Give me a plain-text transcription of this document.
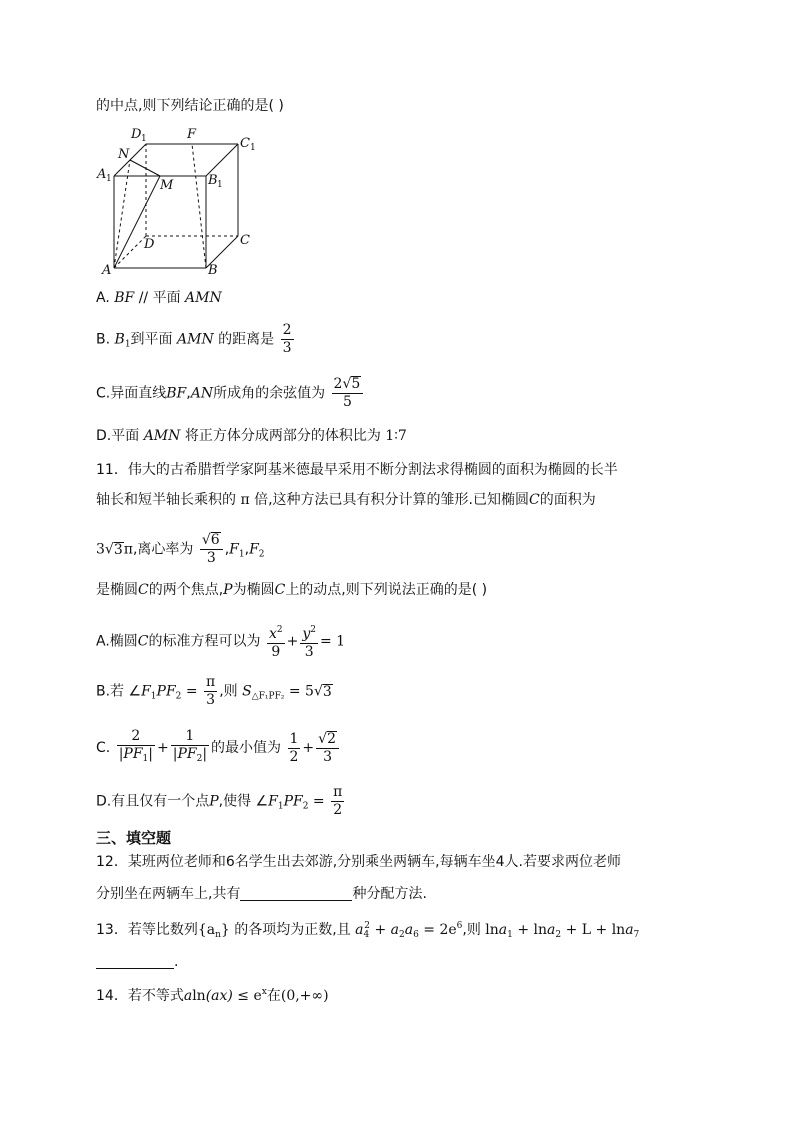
的中点,则下列结论正确的是( )
D 1	F
C 1
N
A 1	M	B 1
D	C
A	B
A. BF // 平面 AMN
B. $B_1$到平面 AMN 的距离是 $\frac{2}{3}$
C.异面直线BF,AN所成角的余弦值为 $\frac{2√5}{5}$
D.平面 AMN 将正方体分成两部分的体积比为 1∶7
11．伟大的古希腊哲学家阿基米德最早采用不断分割法求得椭圆的面积为椭圆的长半
轴长和短半轴长乘积的 π 倍,这种方法已具有积分计算的雏形.已知椭圆C的面积为
3√3π,离心率为 $\frac{√6}{3} ,F_1,F_2$
是椭圆C的两个焦点,P为椭圆C上的动点,则下列说法正确的是( )
A.椭圆C的标准方程可以为 $\frac{x^2}{9} + \frac{y^2}{3} = 1$
B.若 $\angle F_1PF_2 = \frac{\pi}{3}$ ,则 $S_{\triangle F_1PF_2} = 5√3$
C. $\frac{2}{|PF_1|} + \frac{1}{|PF_2|}$ 的最小值为 $\frac{1}{2} + \frac{√2}{3}$
D.有且仅有一个点P,使得 $\angle F_1PF_2 = \frac{\pi}{2}$
三、填空题
12．某班两位老师和6名学生出去郊游,分别乘坐两辆车,每辆车坐4人.若要求两位老师
分别坐在两辆车上,共有	种分配方法.
13．若等比数列$\{a_n\}$ 的各项均为正数,且 $a_4^2 + a_2a_6 = 2e^6$,则 lna$_1$ + lna$_2$ + L + lna$_7$
.
14．若不等式$aln(ax) \le e^x$在(0,+∞)
